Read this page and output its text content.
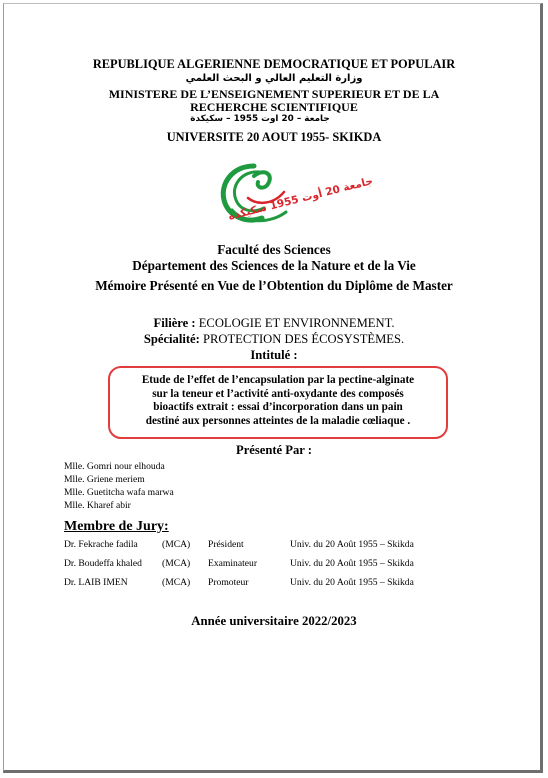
REPUBLIQUE ALGERIENNE DEMOCRATIQUE ET POPULAIR
وزارة التعليم العالي و البحث العلمي
MINISTERE DE L’ENSEIGNEMENT SUPERIEUR ET DE LA
RECHERCHE SCIENTIFIQUE
جامعة – 20 اوت 1955 – سكيكدة
UNIVERSITE 20 AOUT 1955- SKIKDA
جامعة 20 أوت 1955 سكيكدة
Faculté des Sciences
Département des Sciences de la Nature et de la Vie
Mémoire Présenté en Vue de l’Obtention du Diplôme de Master
Filière : ECOLOGIE ET ENVIRONNEMENT.
Spécialité: PROTECTION DES ÉCOSYSTÈMES.
Intitulé :
Etude de l’effet de l’encapsulation par la pectine-alginate
sur la teneur et l’activité anti-oxydante des composés
bioactifs extrait : essai d’incorporation dans un pain
destiné aux personnes atteintes de la maladie cœliaque .
Présenté Par :
Mlle. Gomri nour elhouda
Mlle. Griene meriem
Mlle. Guetitcha wafa marwa
Mlle. Kharef abir
Membre de Jury:
Dr. Fekrache fadila	(MCA) Président	Univ. du 20 Août 1955 – Skikda
Dr. Boudeffa khaled (MCA) Examinateur	Univ. du 20 Août 1955 – Skikda
Dr. LAIB IMEN	(MCA) Promoteur	Univ. du 20 Août 1955 – Skikda
Année universitaire 2022/2023
